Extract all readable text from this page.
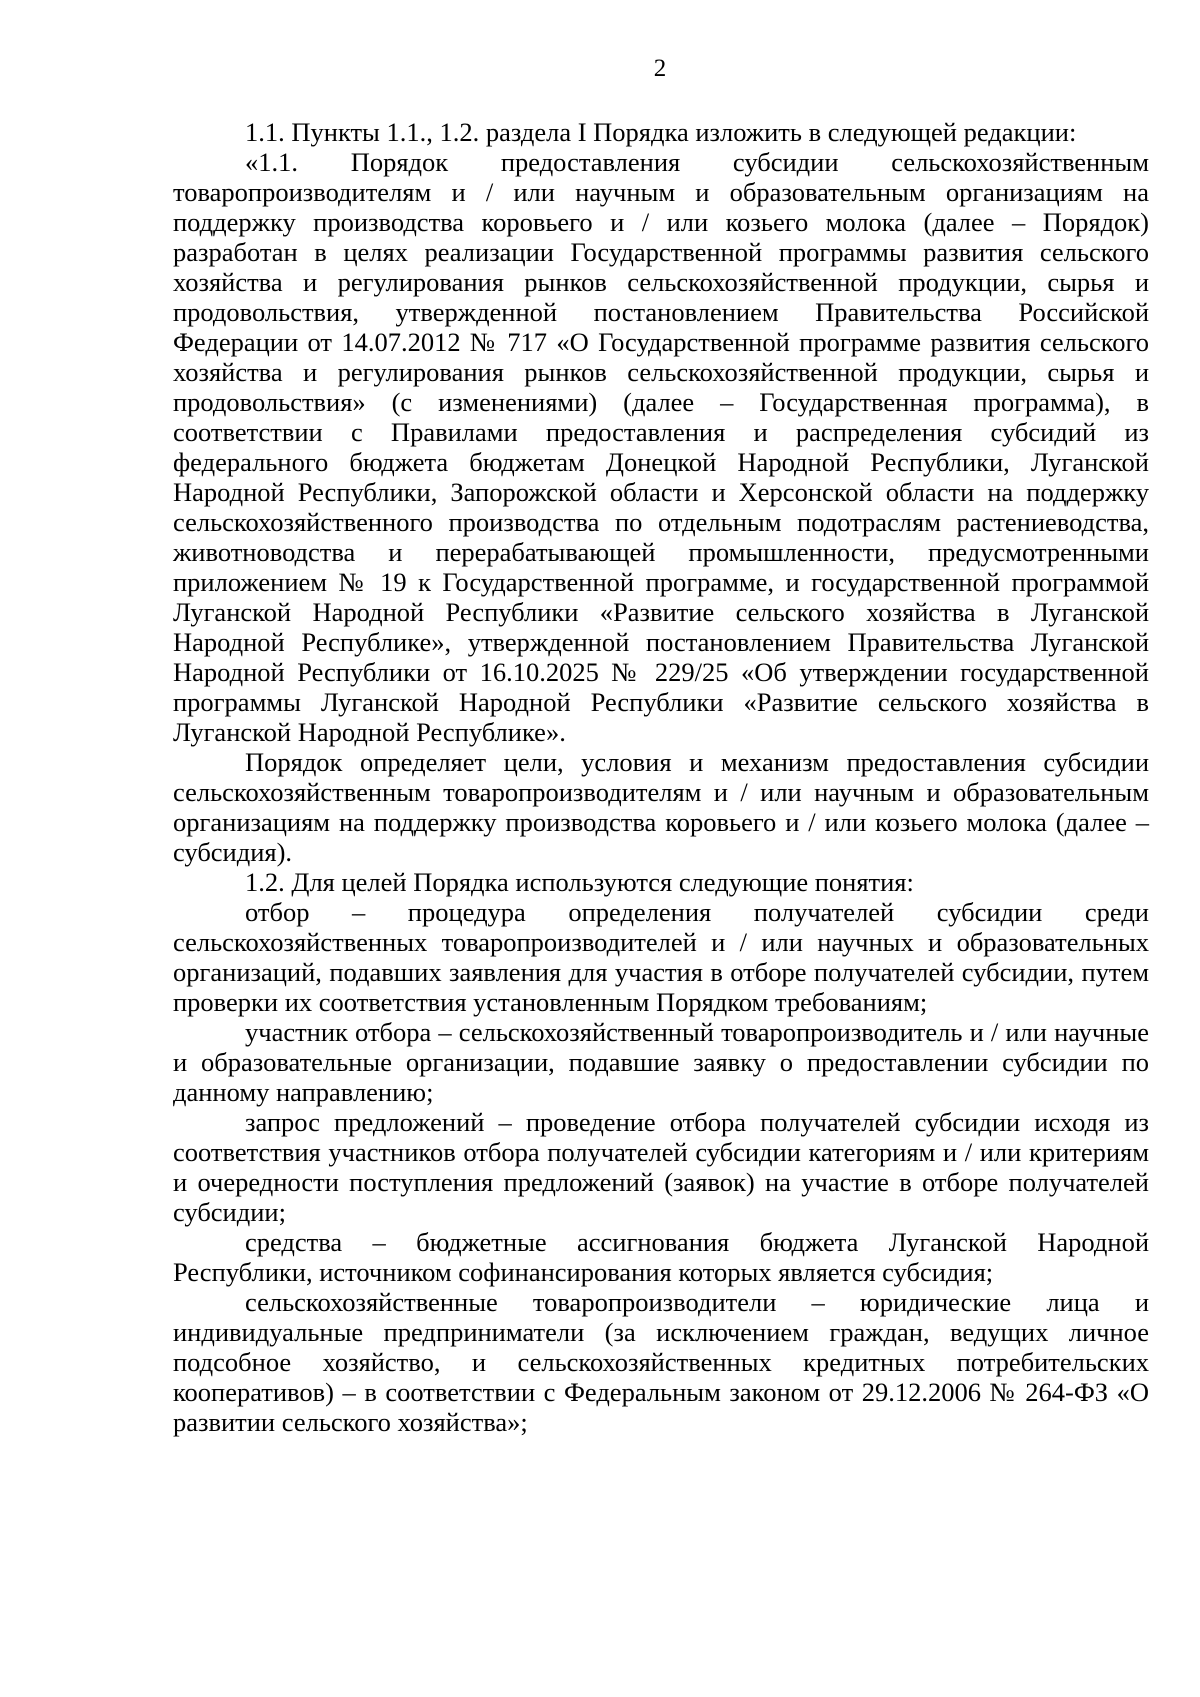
2

1.1. Пункты 1.1., 1.2. раздела I Порядка изложить в следующей редакции:

«1.1. Порядок предоставления субсидии сельскохозяйственным товаропроизводителям и / или научным и образовательным организациям на поддержку производства коровьего и / или козьего молока (далее – Порядок) разработан в целях реализации Государственной программы развития сельского хозяйства и регулирования рынков сельскохозяйственной продукции, сырья и продовольствия, утвержденной постановлением Правительства Российской Федерации от 14.07.2012 № 717 «О Государственной программе развития сельского хозяйства и регулирования рынков сельскохозяйственной продукции, сырья и продовольствия» (с изменениями) (далее – Государственная программа), в соответствии с Правилами предоставления и распределения субсидий из федерального бюджета бюджетам Донецкой Народной Республики, Луганской Народной Республики, Запорожской области и Херсонской области на поддержку сельскохозяйственного производства по отдельным подотраслям растениеводства, животноводства и перерабатывающей промышленности, предусмотренными приложением № 19 к Государственной программе, и государственной программой Луганской Народной Республики «Развитие сельского хозяйства в Луганской Народной Республике», утвержденной постановлением Правительства Луганской Народной Республики от 16.10.2025 № 229/25 «Об утверждении государственной программы Луганской Народной Республики «Развитие сельского хозяйства в Луганской Народной Республике».

Порядок определяет цели, условия и механизм предоставления субсидии сельскохозяйственным товаропроизводителям и / или научным и образовательным организациям на поддержку производства коровьего и / или козьего молока (далее – субсидия).

1.2. Для целей Порядка используются следующие понятия:

отбор – процедура определения получателей субсидии среди сельскохозяйственных товаропроизводителей и / или научных и образовательных организаций, подавших заявления для участия в отборе получателей субсидии, путем проверки их соответствия установленным Порядком требованиям;

участник отбора – сельскохозяйственный товаропроизводитель и / или научные и образовательные организации, подавшие заявку о предоставлении субсидии по данному направлению;

запрос предложений – проведение отбора получателей субсидии исходя из соответствия участников отбора получателей субсидии категориям и / или критериям и очередности поступления предложений (заявок) на участие в отборе получателей субсидии;

средства – бюджетные ассигнования бюджета Луганской Народной Республики, источником софинансирования которых является субсидия;

сельскохозяйственные товаропроизводители – юридические лица и индивидуальные предприниматели (за исключением граждан, ведущих личное подсобное хозяйство, и сельскохозяйственных кредитных потребительских кооперативов) – в соответствии с Федеральным законом от 29.12.2006 № 264-ФЗ «О развитии сельского хозяйства»;
